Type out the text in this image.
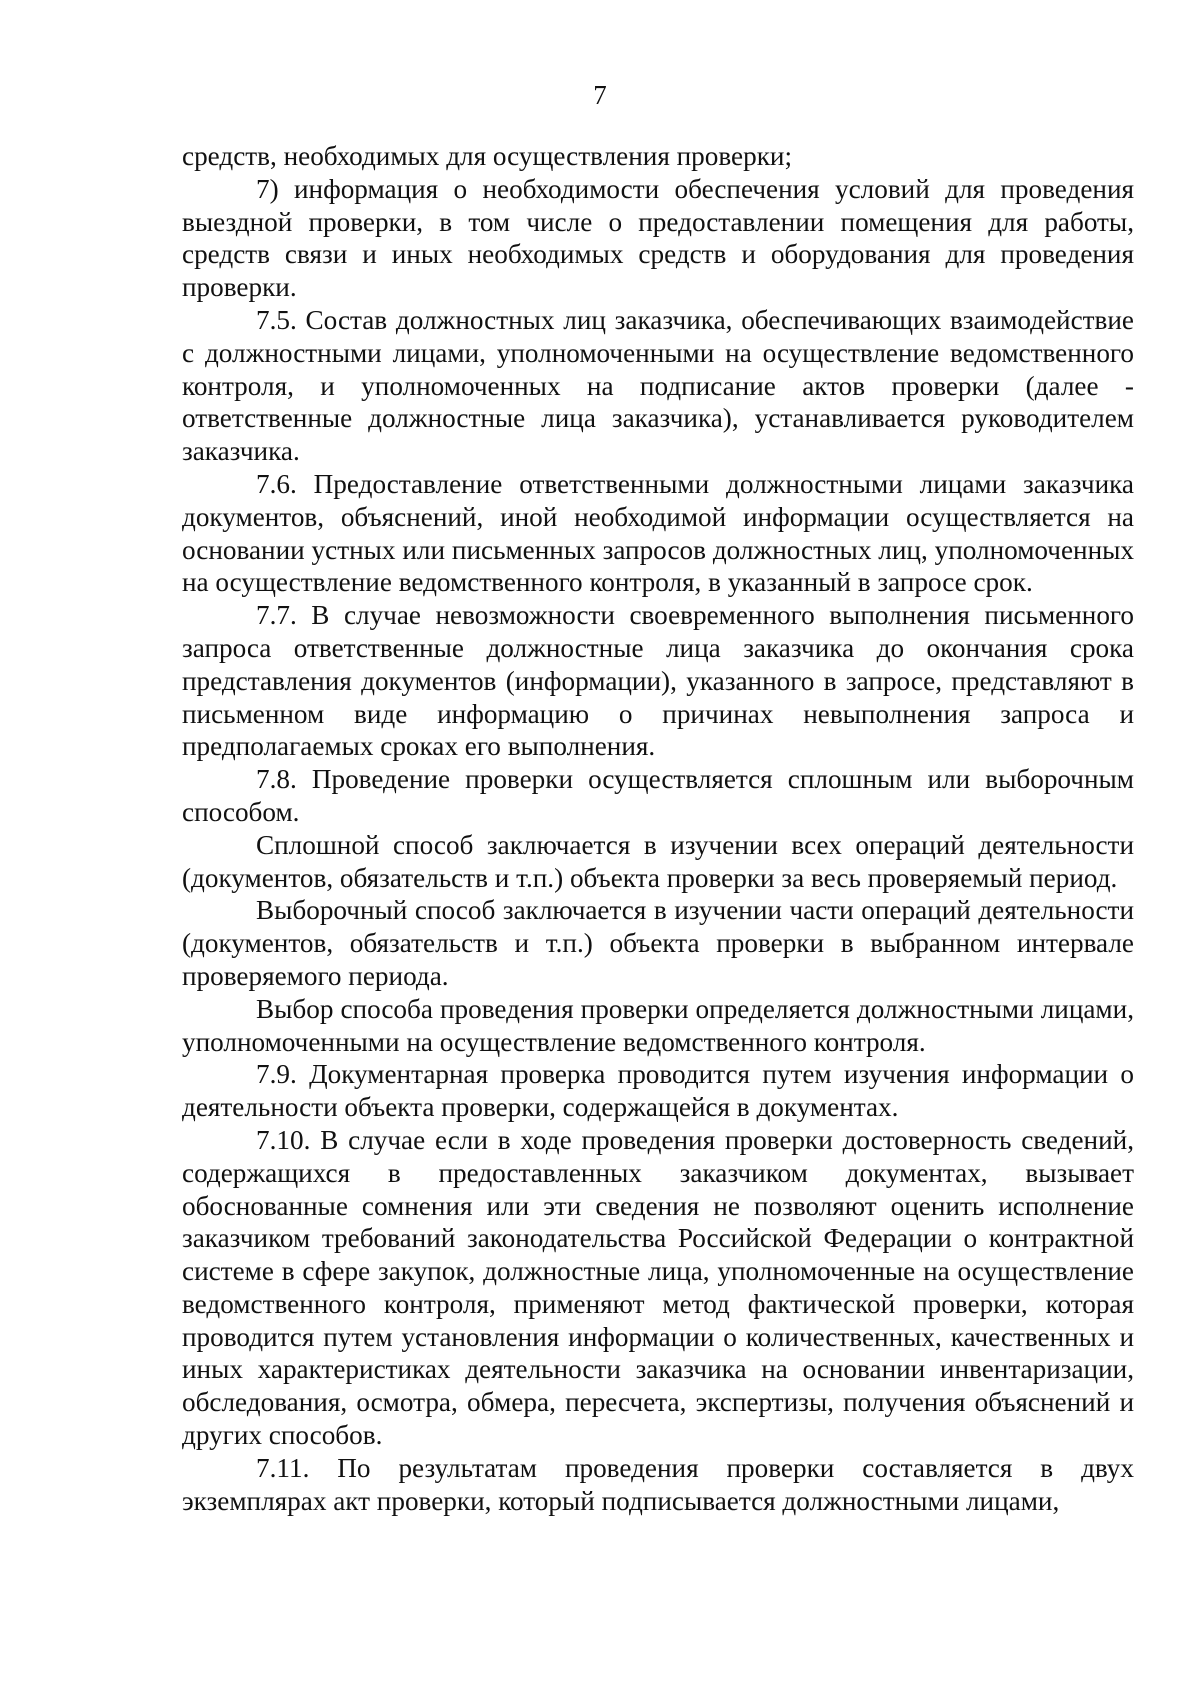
7

средств, необходимых для осуществления проверки;

7) информация о необходимости обеспечения условий для проведения выездной проверки, в том числе о предоставлении помещения для работы, средств связи и иных необходимых средств и оборудования для проведения проверки.

7.5. Состав должностных лиц заказчика, обеспечивающих взаимодействие с должностными лицами, уполномоченными на осуществление ведомственного контроля, и уполномоченных на подписание актов проверки (далее - ответственные должностные лица заказчика), устанавливается руководителем заказчика.

7.6. Предоставление ответственными должностными лицами заказчика документов, объяснений, иной необходимой информации осуществляется на основании устных или письменных запросов должностных лиц, уполномоченных на осуществление ведомственного контроля, в указанный в запросе срок.

7.7. В случае невозможности своевременного выполнения письменного запроса ответственные должностные лица заказчика до окончания срока представления документов (информации), указанного в запросе, представляют в письменном виде информацию о причинах невыполнения запроса и предполагаемых сроках его выполнения.

7.8. Проведение проверки осуществляется сплошным или выборочным способом.

Сплошной способ заключается в изучении всех операций деятельности (документов, обязательств и т.п.) объекта проверки за весь проверяемый период.

Выборочный способ заключается в изучении части операций деятельности (документов, обязательств и т.п.) объекта проверки в выбранном интервале проверяемого периода.

Выбор способа проведения проверки определяется должностными лицами, уполномоченными на осуществление ведомственного контроля.

7.9. Документарная проверка проводится путем изучения информации о деятельности объекта проверки, содержащейся в документах.

7.10. В случае если в ходе проведения проверки достоверность сведений, содержащихся в предоставленных заказчиком документах, вызывает обоснованные сомнения или эти сведения не позволяют оценить исполнение заказчиком требований законодательства Российской Федерации о контрактной системе в сфере закупок, должностные лица, уполномоченные на осуществление ведомственного контроля, применяют метод фактической проверки, которая проводится путем установления информации о количественных, качественных и иных характеристиках деятельности заказчика на основании инвентаризации, обследования, осмотра, обмера, пересчета, экспертизы, получения объяснений и других способов.

7.11. По результатам проведения проверки составляется в двух экземплярах акт проверки, который подписывается должностными лицами,
